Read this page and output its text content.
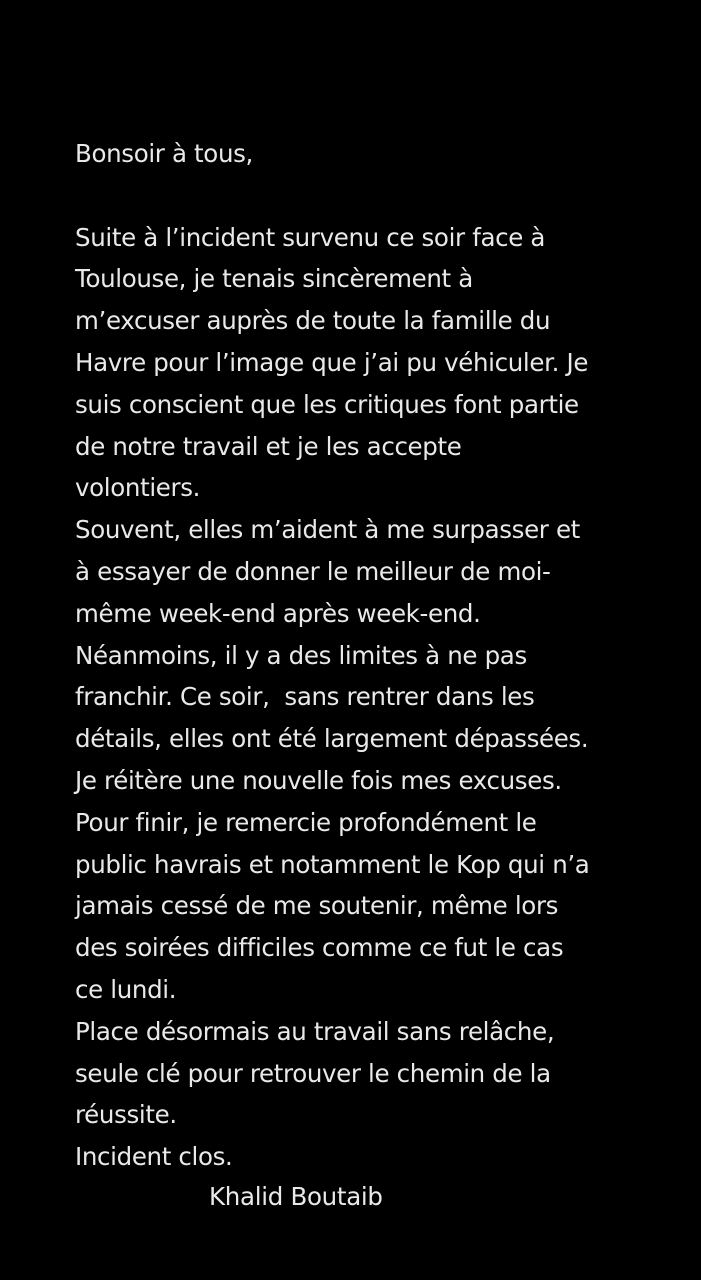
Bonsoir à tous,
Suite à l’incident survenu ce soir face à
Toulouse, je tenais sincèrement à
m’excuser auprès de toute la famille du
Havre pour l’image que j’ai pu véhiculer. Je
suis conscient que les critiques font partie
de notre travail et je les accepte
volontiers.
Souvent, elles m’aident à me surpasser et
à essayer de donner le meilleur de moi-
même week-end après week-end.
Néanmoins, il y a des limites à ne pas
franchir. Ce soir,  sans rentrer dans les
détails, elles ont été largement dépassées.
Je réitère une nouvelle fois mes excuses.
Pour finir, je remercie profondément le
public havrais et notamment le Kop qui n’a
jamais cessé de me soutenir, même lors
des soirées difficiles comme ce fut le cas
ce lundi.
Place désormais au travail sans relâche,
seule clé pour retrouver le chemin de la
réussite.
Incident clos.
Khalid Boutaib
